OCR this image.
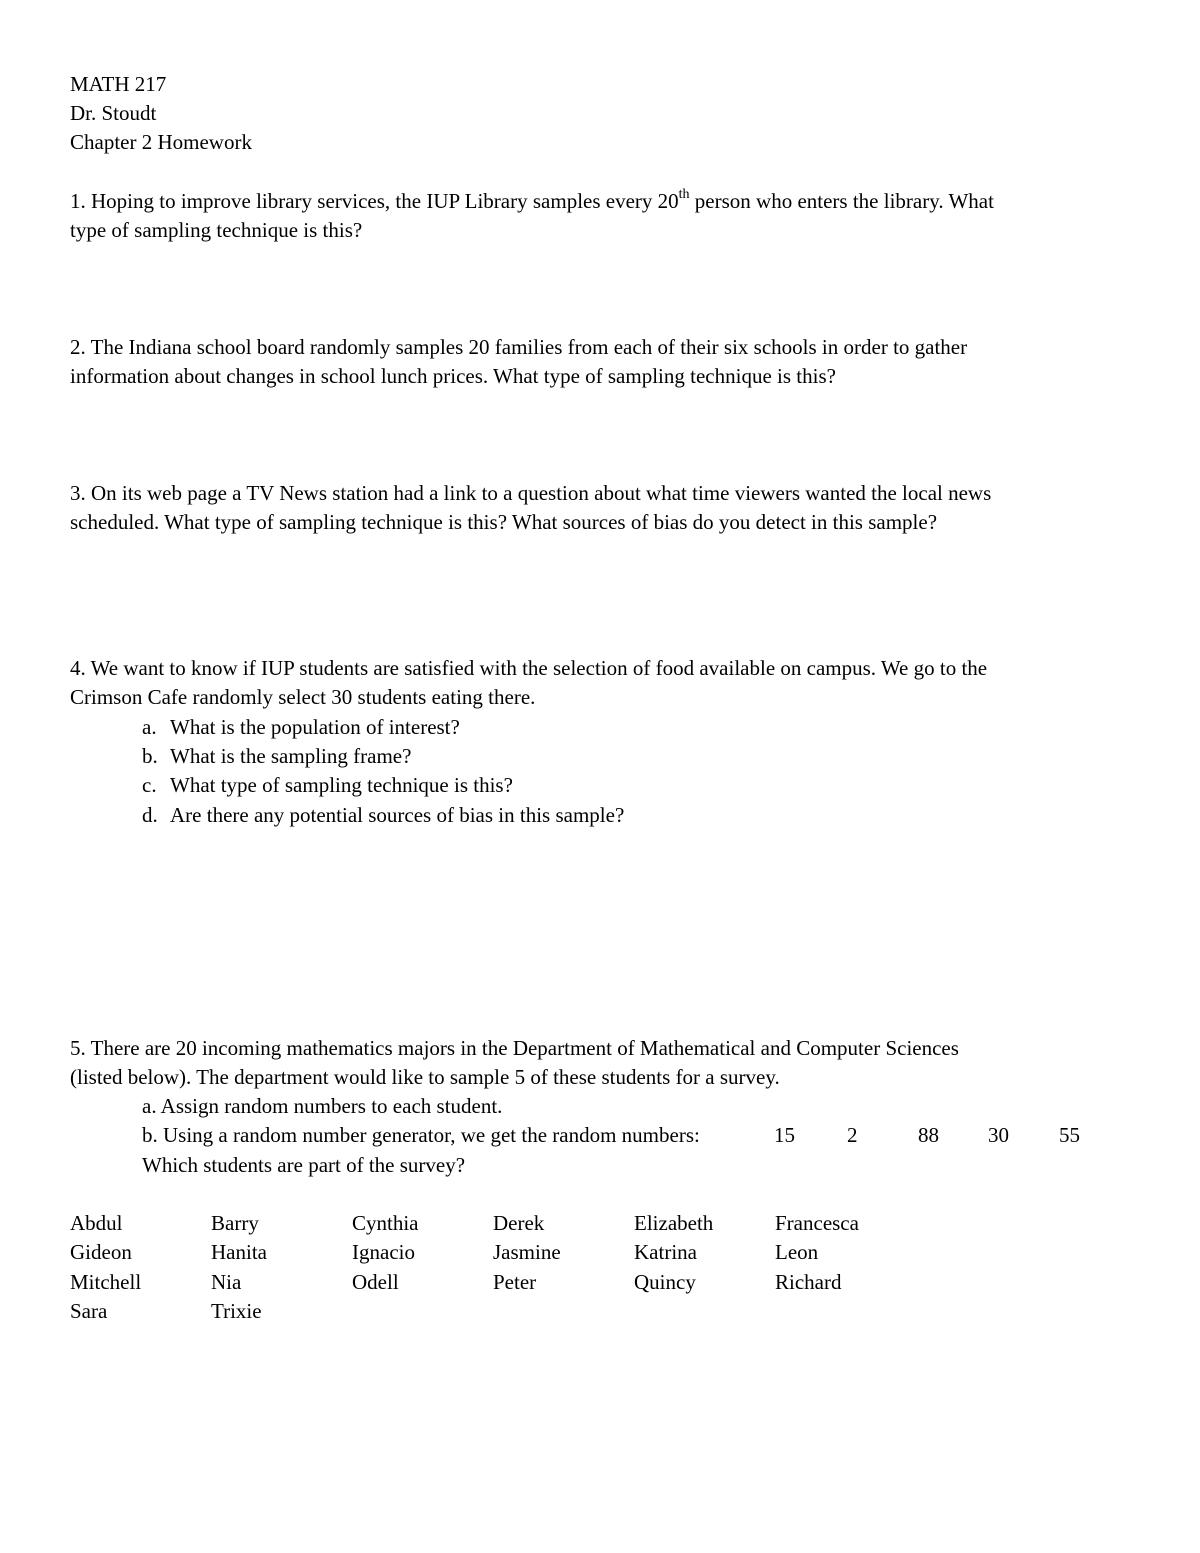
MATH 217
Dr. Stoudt
Chapter 2 Homework
1. Hoping to improve library services, the IUP Library samples every 20th person who enters the library. What
type of sampling technique is this?
2. The Indiana school board randomly samples 20 families from each of their six schools in order to gather
information about changes in school lunch prices. What type of sampling technique is this?
3. On its web page a TV News station had a link to a question about what time viewers wanted the local news
scheduled. What type of sampling technique is this? What sources of bias do you detect in this sample?
4. We want to know if IUP students are satisfied with the selection of food available on campus. We go to the
Crimson Cafe randomly select 30 students eating there.
a. What is the population of interest?
b. What is the sampling frame?
c. What type of sampling technique is this?
d. Are there any potential sources of bias in this sample?
5. There are 20 incoming mathematics majors in the Department of Mathematical and Computer Sciences
(listed below). The department would like to sample 5 of these students for a survey.
a. Assign random numbers to each student.
b. Using a random number generator, we get the random numbers:	15 2	88 30 55
Which students are part of the survey?
Abdul	Barry	Cynthia	Derek	Elizabeth	Francesca
Gideon	Hanita	Ignacio	Jasmine	Katrina	Leon
Mitchell	Nia	Odell	Peter	Quincy	Richard
Sara	Trixie
